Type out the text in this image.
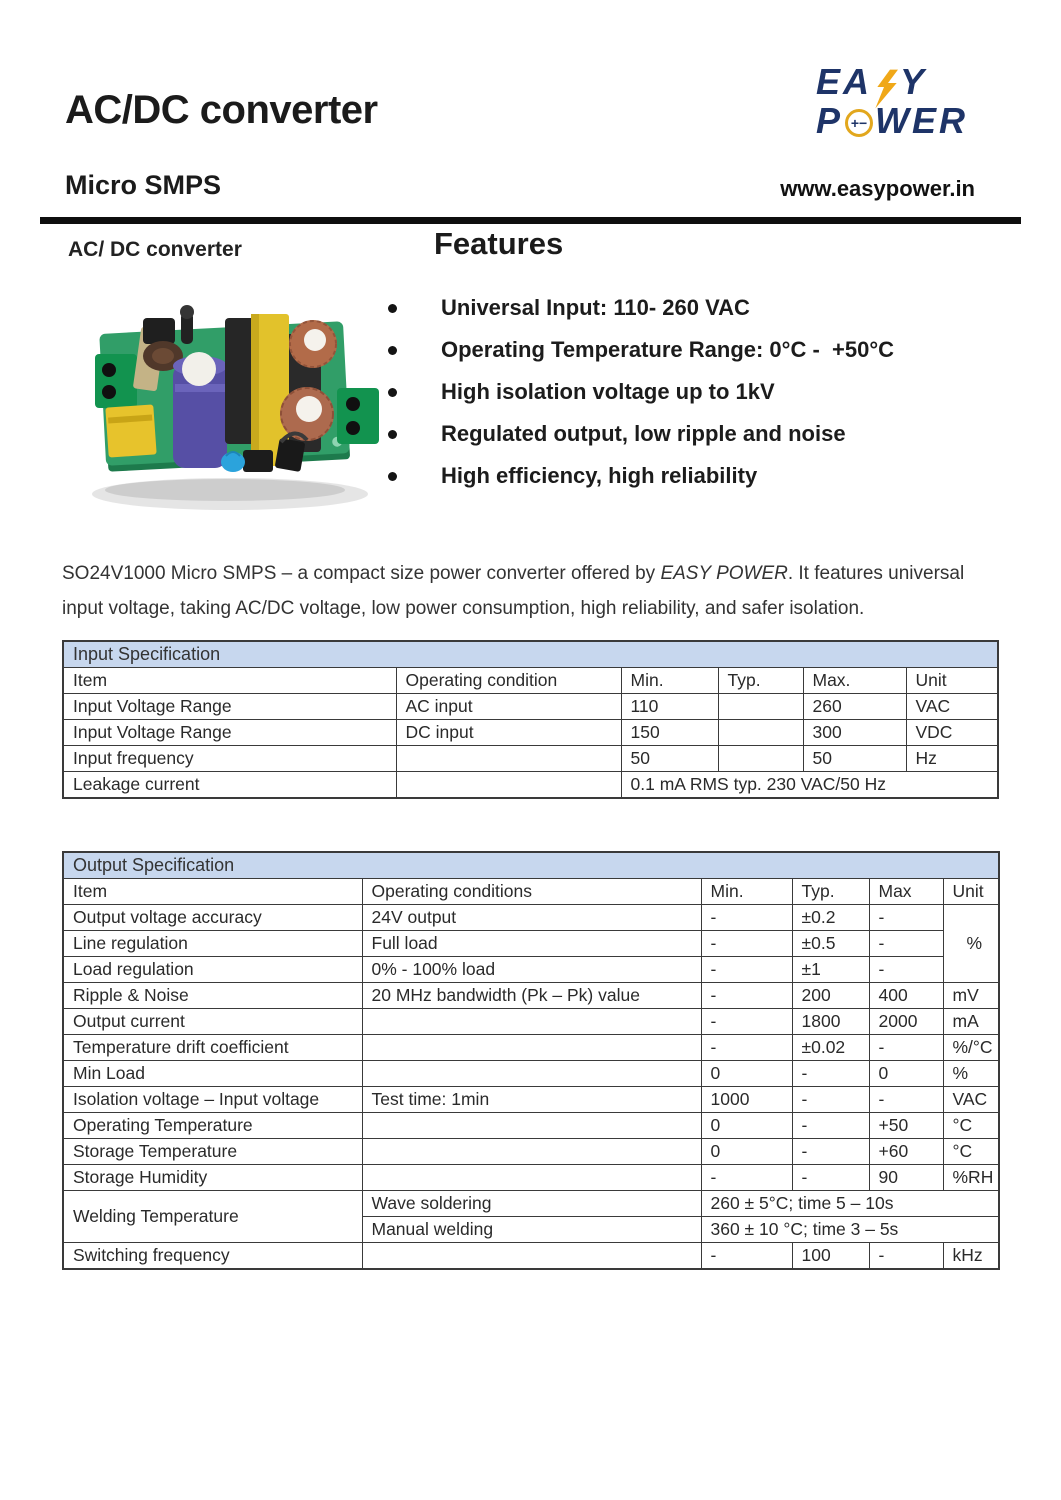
AC/DC converter
EA Y
P +− WER
Micro SMPS	www.easypower.in
AC/ DC converter	Features
Universal Input: 110- 260 VAC
Operating Temperature Range: 0°C -  +50°C
High isolation voltage up to 1kV
Regulated output, low ripple and noise
High efficiency, high reliability

SO24V1000 Micro SMPS – a compact size power converter offered by EASY POWER. It features universal input voltage, taking AC/DC voltage, low power consumption, high reliability, and safer isolation.

Input Specification					
Item	Operating condition	Min.	Typ.	Max.	Unit
Input Voltage Range	AC input	110		260	VAC
Input Voltage Range	DC input	150		300	VDC
Input frequency		50		50	Hz
Leakage current		0.1 mA RMS typ. 230 VAC/50 Hz			
Output Specification					
Item	Operating conditions	Min.	Typ.	Max	Unit
Output voltage accuracy	24V output	-	±0.2	-	%
Line regulation	Full load	-	±0.5	-	
Load regulation	0% - 100% load	-	±1	-	
Ripple & Noise	20 MHz bandwidth (Pk – Pk) value	-	200	400	mV
Output current		-	1800	2000	mA
Temperature drift coefficient		-	±0.02	-	%/°C
Min Load		0	-	0	%
Isolation voltage – Input voltage	Test time: 1min	1000	-	-	VAC
Operating Temperature		0	-	+50	°C
Storage Temperature		0	-	+60	°C
Storage Humidity		-	-	90	%RH
Welding Temperature	Wave soldering	260 ± 5°C; time 5 – 10s			
	Manual welding	360 ± 10 °C; time 3 – 5s			
Switching frequency		-	100	-	kHz
